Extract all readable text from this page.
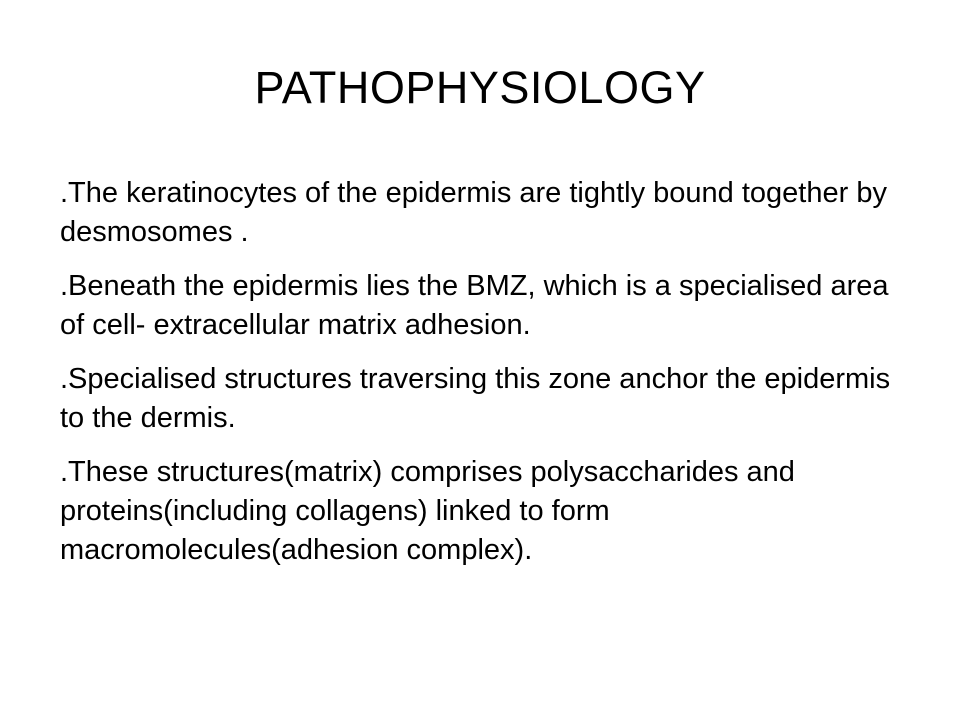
PATHOPHYSIOLOGY

.The keratinocytes of the epidermis are tightly bound together by desmosomes .

.Beneath the epidermis lies the BMZ, which is a specialised area of cell- extracellular matrix adhesion.

.Specialised structures traversing this zone anchor the epidermis to the dermis.

.These structures(matrix) comprises polysaccharides and proteins(including collagens) linked to form macromolecules(adhesion complex).
